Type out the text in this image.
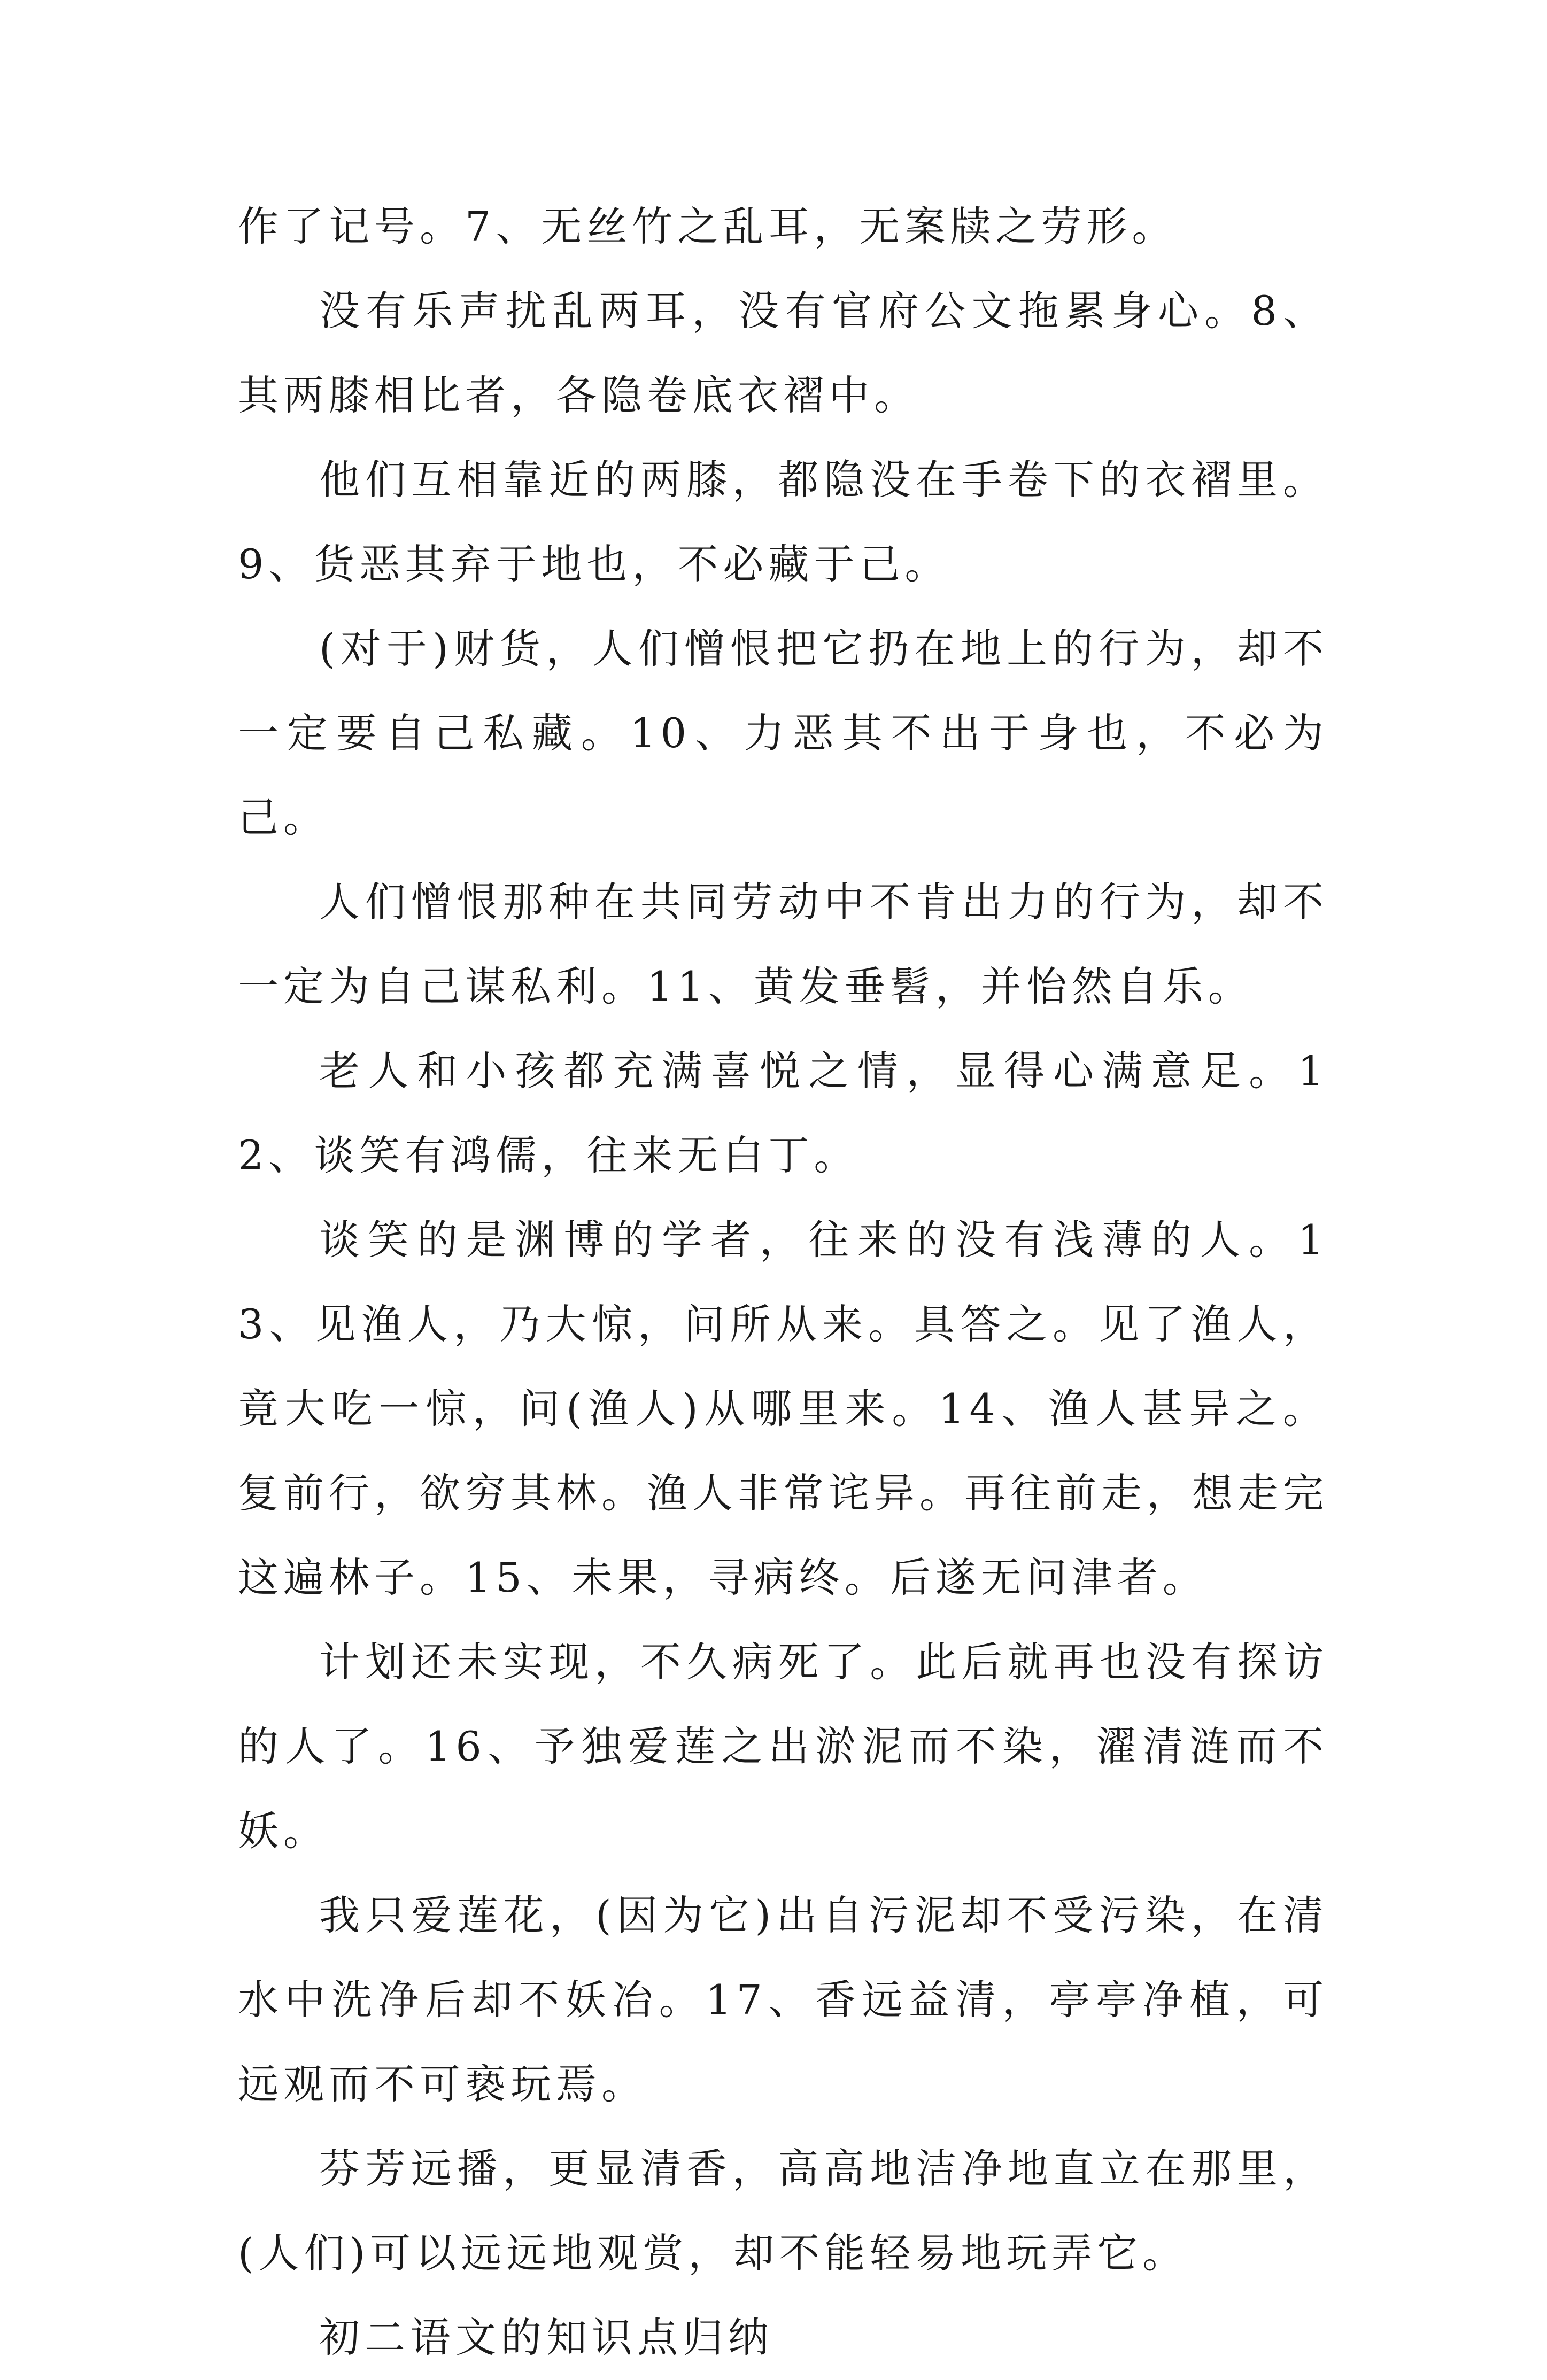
作了记号。7、无丝竹之乱耳，无案牍之劳形。

没有乐声扰乱两耳，没有官府公文拖累身心。8、其两膝相比者，各隐卷底衣褶中。

他们互相靠近的两膝，都隐没在手卷下的衣褶里。9、货恶其弃于地也，不必藏于己。

(对于)财货，人们憎恨把它扔在地上的行为，却不一定要自己私藏。10、力恶其不出于身也，不必为己。

人们憎恨那种在共同劳动中不肯出力的行为，却不一定为自己谋私利。11、黄发垂髫，并怡然自乐。

老人和小孩都充满喜悦之情，显得心满意足。12、谈笑有鸿儒，往来无白丁。

谈笑的是渊博的学者，往来的没有浅薄的人。13、见渔人，乃大惊，问所从来。具答之。见了渔人，竟大吃一惊，问(渔人)从哪里来。14、渔人甚异之。复前行，欲穷其林。渔人非常诧异。再往前走，想走完这遍林子。15、未果，寻病终。后遂无问津者。

计划还未实现，不久病死了。此后就再也没有探访的人了。16、予独爱莲之出淤泥而不染，濯清涟而不妖。

我只爱莲花，(因为它)出自污泥却不受污染，在清水中洗净后却不妖冶。17、香远益清，亭亭净植，可远观而不可亵玩焉。

芬芳远播，更显清香，高高地洁净地直立在那里，(人们)可以远远地观赏，却不能轻易地玩弄它。

初二语文的知识点归纳
